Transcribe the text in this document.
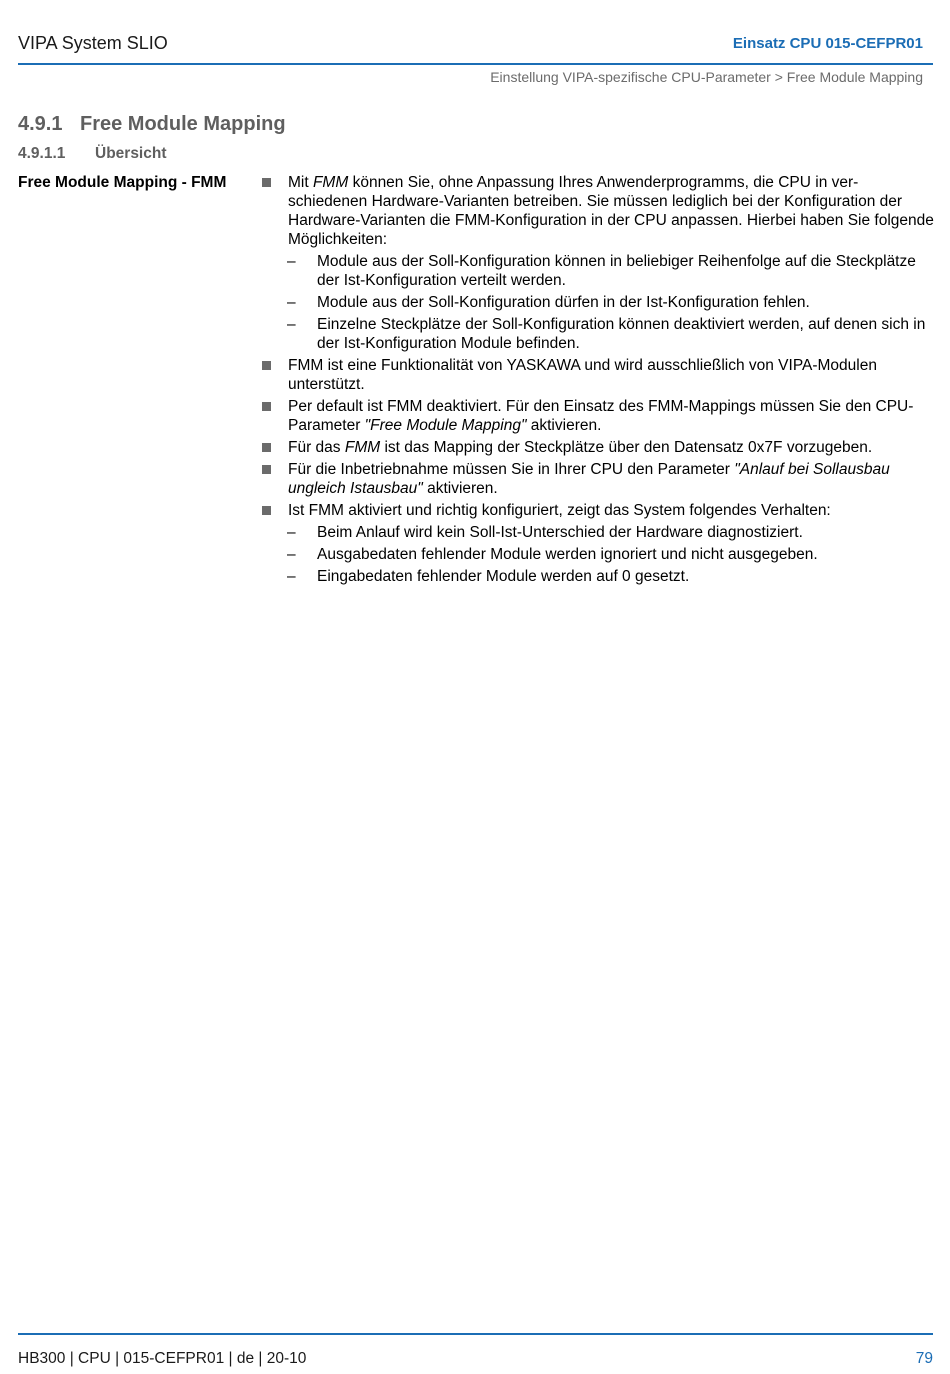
VIPA System SLIO	Einsatz CPU 015-CEFPR01
Einstellung VIPA-spezifische CPU-Parameter > Free Module Mapping
4.9.1 Free Module Mapping
4.9.1.1 Übersicht
Free Module Mapping - FMM	Mit FMM können Sie, ohne Anpassung Ihres Anwenderprogramms, die CPU in ver-schiedenen Hardware-Varianten betreiben. Sie müssen lediglich bei der Konfiguration der Hardware-Varianten die FMM-Konfiguration in der CPU anpassen. Hierbei haben Sie folgende Möglichkeiten:
– Module aus der Soll-Konfiguration können in beliebiger Reihenfolge auf die Steckplätze der Ist-Konfiguration verteilt werden.
– Module aus der Soll-Konfiguration dürfen in der Ist-Konfiguration fehlen.
– Einzelne Steckplätze der Soll-Konfiguration können deaktiviert werden, auf denen sich in der Ist-Konfiguration Module befinden.
FMM ist eine Funktionalität von YASKAWA und wird ausschließlich von VIPA-Modulen unterstützt.
Per default ist FMM deaktiviert. Für den Einsatz des FMM-Mappings müssen Sie den CPU-Parameter "Free Module Mapping" aktivieren.
Für das FMM ist das Mapping der Steckplätze über den Datensatz 0x7F vorzugeben.
Für die Inbetriebnahme müssen Sie in Ihrer CPU den Parameter "Anlauf bei Sollausbau ungleich Istausbau" aktivieren.
Ist FMM aktiviert und richtig konfiguriert, zeigt das System folgendes Verhalten:
– Beim Anlauf wird kein Soll-Ist-Unterschied der Hardware diagnostiziert.
– Ausgabedaten fehlender Module werden ignoriert und nicht ausgegeben.
– Eingabedaten fehlender Module werden auf 0 gesetzt.
HB300 | CPU | 015-CEFPR01 | de | 20-10	79
